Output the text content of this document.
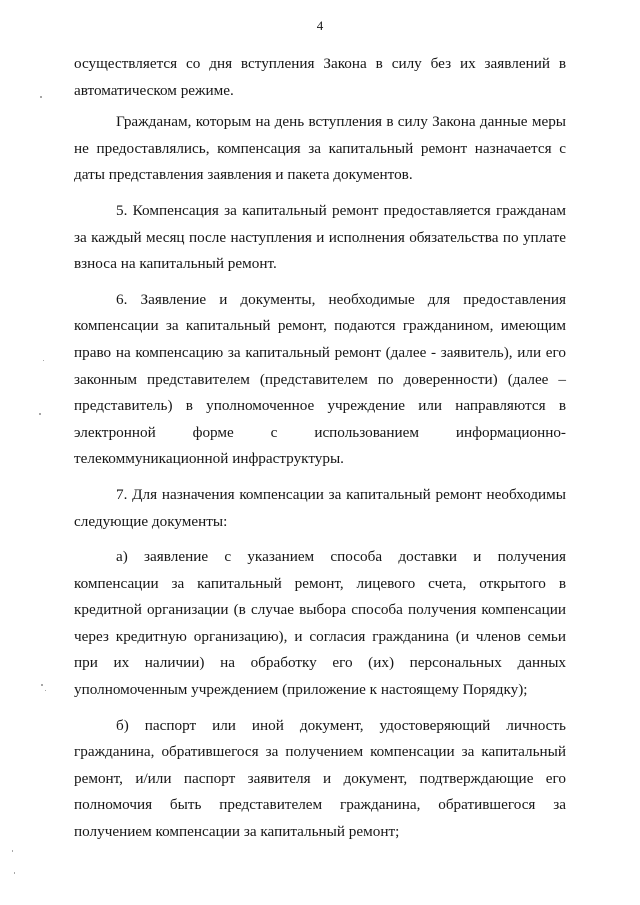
4

осуществляется со дня вступления Закона в силу без их заявлений в автоматическом режиме.

Гражданам, которым на день вступления в силу Закона данные меры не предоставлялись, компенсация за капитальный ремонт назначается с даты представления заявления и пакета документов.

5. Компенсация за капитальный ремонт предоставляется гражданам за каждый месяц после наступления и исполнения обязательства по уплате взноса на капитальный ремонт.

6. Заявление и документы, необходимые для предоставления компенсации за капитальный ремонт, подаются гражданином, имеющим право на компенсацию за капитальный ремонт (далее - заявитель), или его законным представителем (представителем по доверенности) (далее – представитель) в уполномоченное учреждение или направляются в электронной форме с использованием информационно-телекоммуникационной инфраструктуры.

7. Для назначения компенсации за капитальный ремонт необходимы следующие документы:

а) заявление с указанием способа доставки и получения компенсации за капитальный ремонт, лицевого счета, открытого в кредитной организации (в случае выбора способа получения компенсации через кредитную организацию), и согласия гражданина (и членов семьи при их наличии) на обработку его (их) персональных данных уполномоченным учреждением (приложение к настоящему Порядку);

б) паспорт или иной документ, удостоверяющий личность гражданина, обратившегося за получением компенсации за капитальный ремонт, и/или паспорт заявителя и документ, подтверждающие его полномочия быть представителем гражданина, обратившегося за получением компенсации за капитальный ремонт;
